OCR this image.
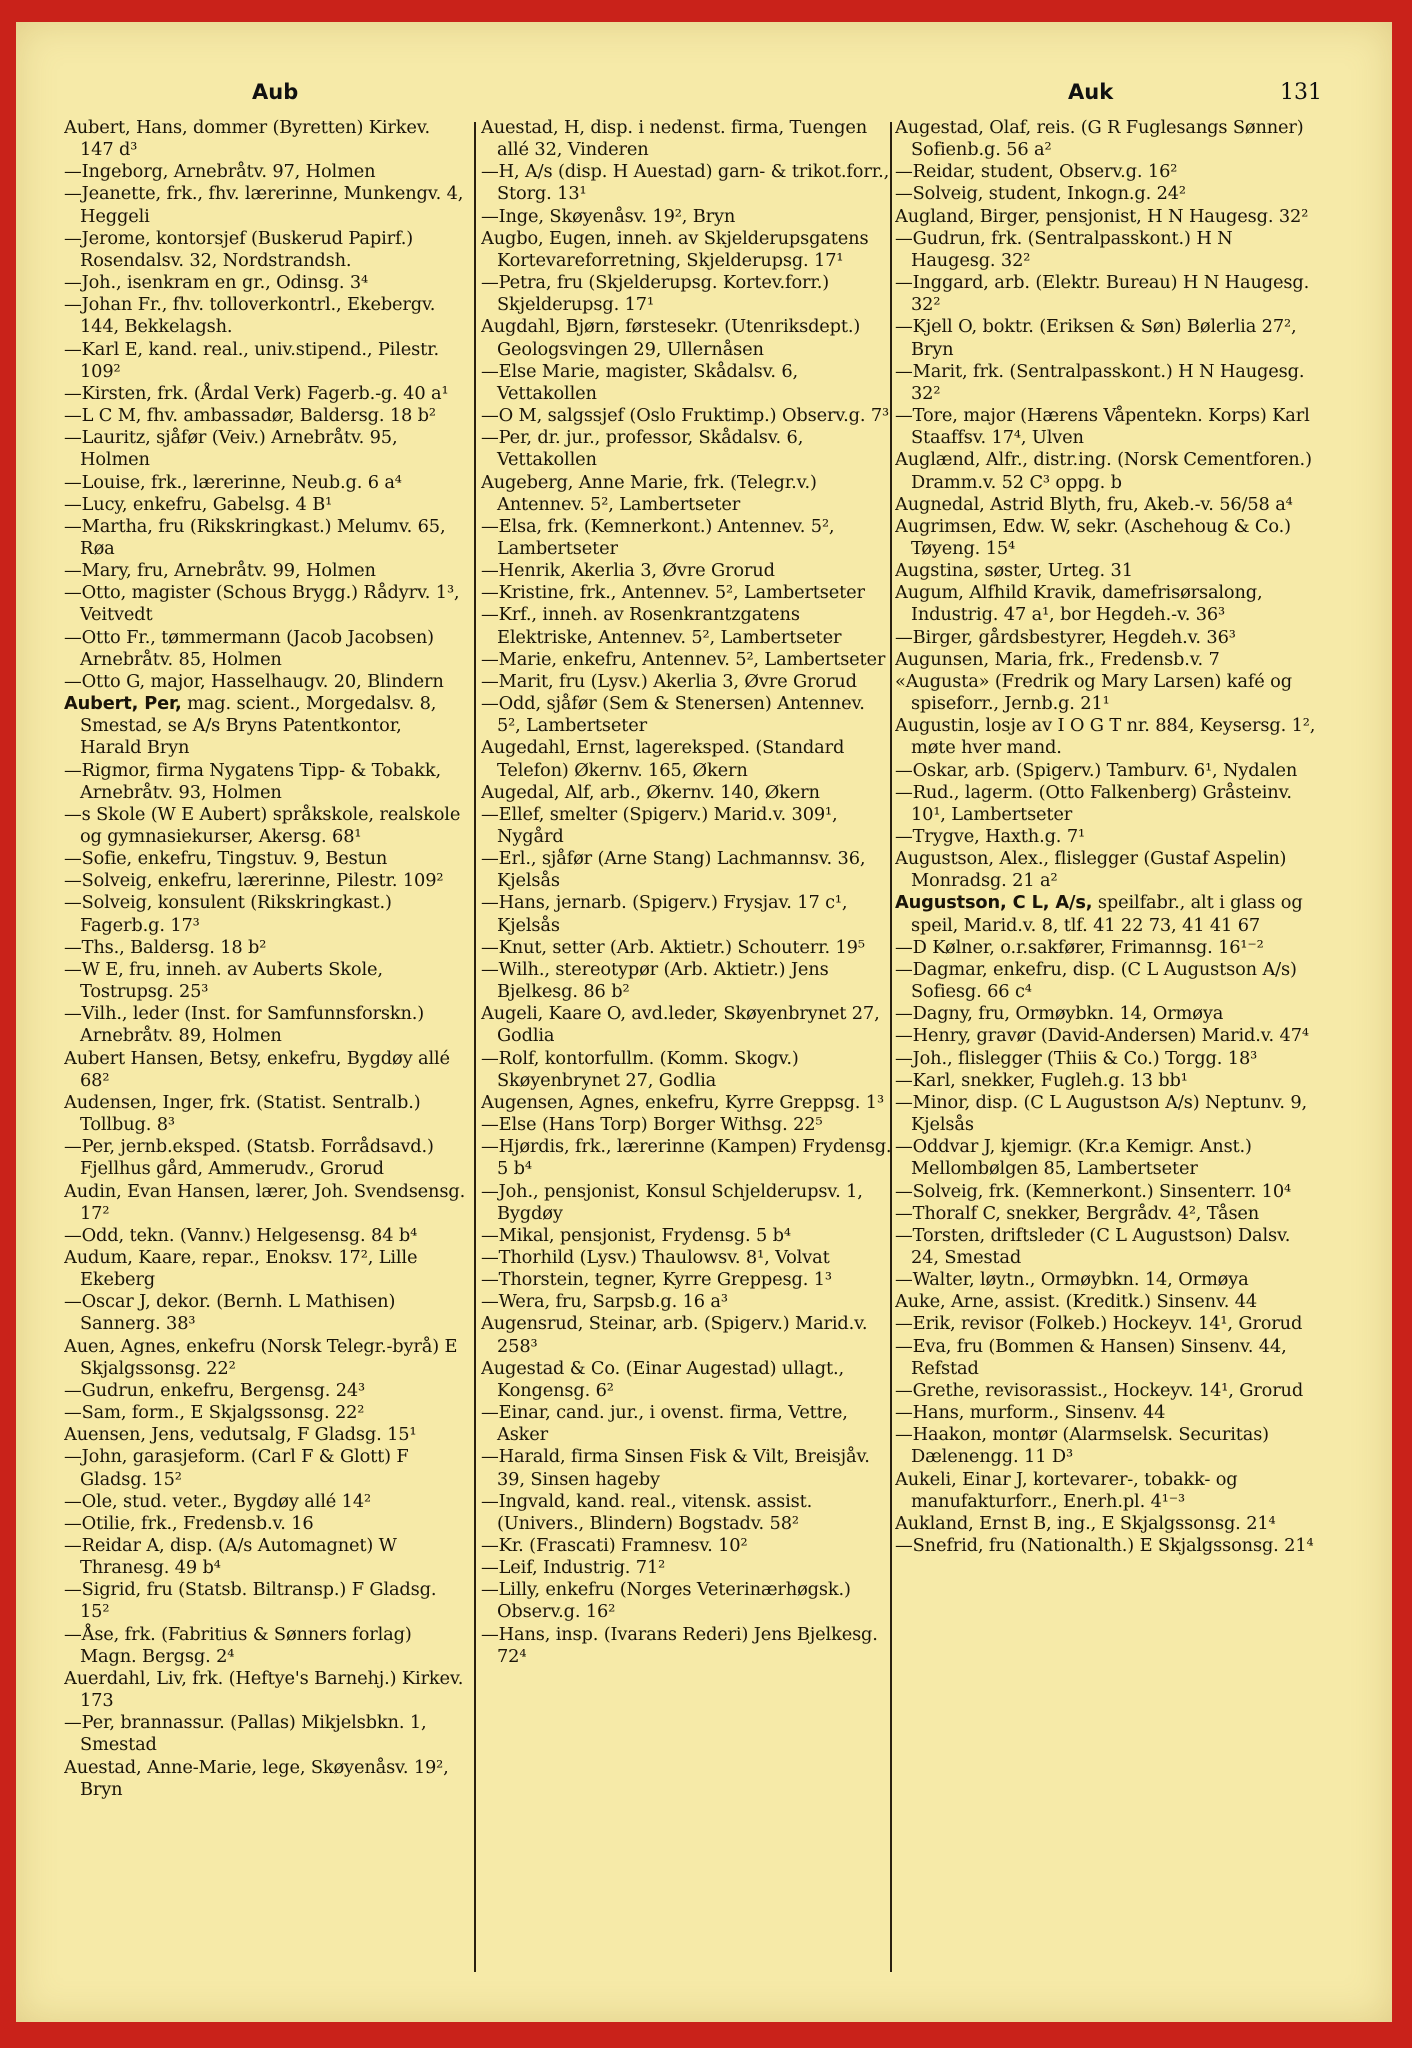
Aub	Auk	131

Aubert, Hans, dommer (Byretten) Kirkev. 147 d³

—Ingeborg, Arnebråtv. 97, Holmen

—Jeanette, frk., fhv. lærerinne, Munkengv. 4, Heggeli

—Jerome, kontorsjef (Buskerud Papirf.) Rosendalsv. 32, Nordstrandsh.

—Joh., isenkram en gr., Odinsg. 3⁴

—Johan Fr., fhv. tolloverkontrl., Ekebergv. 144, Bekkelagsh.

—Karl E, kand. real., univ.stipend., Pilestr. 109²

—Kirsten, frk. (Årdal Verk) Fagerb.-g. 40 a¹

—L C M, fhv. ambassadør, Baldersg. 18 b²

—Lauritz, sjåfør (Veiv.) Arnebråtv. 95, Holmen

—Louise, frk., lærerinne, Neub.g. 6 a⁴

—Lucy, enkefru, Gabelsg. 4 B¹

—Martha, fru (Rikskringkast.) Melumv. 65, Røa

—Mary, fru, Arnebråtv. 99, Holmen

—Otto, magister (Schous Brygg.) Rådyrv. 1³, Veitvedt

—Otto Fr., tømmermann (Jacob Jacobsen) Arnebråtv. 85, Holmen

—Otto G, major, Hasselhaugv. 20, Blindern

Aubert, Per, mag. scient., Morgedalsv. 8, Smestad, se A/s Bryns Patentkontor, Harald Bryn

—Rigmor, firma Nygatens Tipp- & Tobakk, Arnebråtv. 93, Holmen

—s Skole (W E Aubert) språkskole, realskole og gymnasiekurser, Akersg. 68¹

—Sofie, enkefru, Tingstuv. 9, Bestun

—Solveig, enkefru, lærerinne, Pilestr. 109²

—Solveig, konsulent (Rikskringkast.) Fagerb.g. 17³

—Ths., Baldersg. 18 b²

—W E, fru, inneh. av Auberts Skole, Tostrupsg. 25³

—Vilh., leder (Inst. for Samfunnsforskn.) Arnebråtv. 89, Holmen

Aubert Hansen, Betsy, enkefru, Bygdøy allé 68²

Audensen, Inger, frk. (Statist. Sentralb.) Tollbug. 8³

—Per, jernb.eksped. (Statsb. Forrådsavd.) Fjellhus gård, Ammerudv., Grorud

Audin, Evan Hansen, lærer, Joh. Svendsensg. 17²

—Odd, tekn. (Vannv.) Helgesensg. 84 b⁴

Audum, Kaare, repar., Enoksv. 17², Lille Ekeberg

—Oscar J, dekor. (Bernh. L Mathisen) Sannerg. 38³

Auen, Agnes, enkefru (Norsk Telegr.-byrå) E Skjalgssonsg. 22²

—Gudrun, enkefru, Bergensg. 24³

—Sam, form., E Skjalgssonsg. 22²

Auensen, Jens, vedutsalg, F Gladsg. 15¹

—John, garasjeform. (Carl F & Glott) F Gladsg. 15²

—Ole, stud. veter., Bygdøy allé 14²

—Otilie, frk., Fredensb.v. 16

—Reidar A, disp. (A/s Automagnet) W Thranesg. 49 b⁴

—Sigrid, fru (Statsb. Biltransp.) F Gladsg. 15²

—Åse, frk. (Fabritius & Sønners forlag) Magn. Bergsg. 2⁴

Auerdahl, Liv, frk. (Heftye's Barnehj.) Kirkev. 173

—Per, brannassur. (Pallas) Mikjelsbkn. 1, Smestad

Auestad, Anne-Marie, lege, Skøyenåsv. 19², Bryn

Auestad, H, disp. i nedenst. firma, Tuengen allé 32, Vinderen

—H, A/s (disp. H Auestad) garn- & trikot.forr., Storg. 13¹

—Inge, Skøyenåsv. 19², Bryn

Augbo, Eugen, inneh. av Skjelderupsgatens Kortevareforretning, Skjelderupsg. 17¹

—Petra, fru (Skjelderupsg. Kortev.forr.) Skjelderupsg. 17¹

Augdahl, Bjørn, førstesekr. (Utenriksdept.) Geologsvingen 29, Ullernåsen

—Else Marie, magister, Skådalsv. 6, Vettakollen

—O M, salgssjef (Oslo Fruktimp.) Observ.g. 7³

—Per, dr. jur., professor, Skådalsv. 6, Vettakollen

Augeberg, Anne Marie, frk. (Telegr.v.) Antennev. 5², Lambertseter

—Elsa, frk. (Kemnerkont.) Antennev. 5², Lambertseter

—Henrik, Akerlia 3, Øvre Grorud

—Kristine, frk., Antennev. 5², Lambertseter

—Krf., inneh. av Rosenkrantzgatens Elektriske, Antennev. 5², Lambertseter

—Marie, enkefru, Antennev. 5², Lambertseter

—Marit, fru (Lysv.) Akerlia 3, Øvre Grorud

—Odd, sjåfør (Sem & Stenersen) Antennev. 5², Lambertseter

Augedahl, Ernst, lagereksped. (Standard Telefon) Økernv. 165, Økern

Augedal, Alf, arb., Økernv. 140, Økern

—Ellef, smelter (Spigerv.) Marid.v. 309¹, Nygård

—Erl., sjåfør (Arne Stang) Lachmannsv. 36, Kjelsås

—Hans, jernarb. (Spigerv.) Frysjav. 17 c¹, Kjelsås

—Knut, setter (Arb. Aktietr.) Schouterr. 19⁵

—Wilh., stereotypør (Arb. Aktietr.) Jens Bjelkesg. 86 b²

Augeli, Kaare O, avd.leder, Skøyenbrynet 27, Godlia

—Rolf, kontorfullm. (Komm. Skogv.) Skøyenbrynet 27, Godlia

Augensen, Agnes, enkefru, Kyrre Greppsg. 1³

—Else (Hans Torp) Borger Withsg. 22⁵

—Hjørdis, frk., lærerinne (Kampen) Frydensg. 5 b⁴

—Joh., pensjonist, Konsul Schjelderupsv. 1, Bygdøy

—Mikal, pensjonist, Frydensg. 5 b⁴

—Thorhild (Lysv.) Thaulowsv. 8¹, Volvat

—Thorstein, tegner, Kyrre Greppesg. 1³

—Wera, fru, Sarpsb.g. 16 a³

Augensrud, Steinar, arb. (Spigerv.) Marid.v. 258³

Augestad & Co. (Einar Augestad) ullagt., Kongensg. 6²

—Einar, cand. jur., i ovenst. firma, Vettre, Asker

—Harald, firma Sinsen Fisk & Vilt, Breisjåv. 39, Sinsen hageby

—Ingvald, kand. real., vitensk. assist. (Univers., Blindern) Bogstadv. 58²

—Kr. (Frascati) Framnesv. 10²

—Leif, Industrig. 71²

—Lilly, enkefru (Norges Veterinærhøgsk.) Observ.g. 16²

—Hans, insp. (Ivarans Rederi) Jens Bjelkesg. 72⁴

Augestad, Olaf, reis. (G R Fuglesangs Sønner) Sofienb.g. 56 a²

—Reidar, student, Observ.g. 16²

—Solveig, student, Inkogn.g. 24²

Augland, Birger, pensjonist, H N Haugesg. 32²

—Gudrun, frk. (Sentralpasskont.) H N Haugesg. 32²

—Inggard, arb. (Elektr. Bureau) H N Haugesg. 32²

—Kjell O, boktr. (Eriksen & Søn) Bølerlia 27², Bryn

—Marit, frk. (Sentralpasskont.) H N Haugesg. 32²

—Tore, major (Hærens Våpentekn. Korps) Karl Staaffsv. 17⁴, Ulven

Auglænd, Alfr., distr.ing. (Norsk Cementforen.) Dramm.v. 52 C³ oppg. b

Augnedal, Astrid Blyth, fru, Akeb.-v. 56/58 a⁴

Augrimsen, Edw. W, sekr. (Aschehoug & Co.) Tøyeng. 15⁴

Augstina, søster, Urteg. 31

Augum, Alfhild Kravik, damefrisørsalong, Industrig. 47 a¹, bor Hegdeh.-v. 36³

—Birger, gårdsbestyrer, Hegdeh.v. 36³

Augunsen, Maria, frk., Fredensb.v. 7

«Augusta» (Fredrik og Mary Larsen) kafé og spiseforr., Jernb.g. 21¹

Augustin, losje av I O G T nr. 884, Keysersg. 1², møte hver mand.

—Oskar, arb. (Spigerv.) Tamburv. 6¹, Nydalen

—Rud., lagerm. (Otto Falkenberg) Gråsteinv. 10¹, Lambertseter

—Trygve, Haxth.g. 7¹

Augustson, Alex., flislegger (Gustaf Aspelin) Monradsg. 21 a²

Augustson, C L, A/s, speilfabr., alt i glass og speil, Marid.v. 8, tlf. 41 22 73, 41 41 67

—D Kølner, o.r.sakfører, Frimannsg. 16¹⁻²

—Dagmar, enkefru, disp. (C L Augustson A/s) Sofiesg. 66 c⁴

—Dagny, fru, Ormøybkn. 14, Ormøya

—Henry, gravør (David-Andersen) Marid.v. 47⁴

—Joh., flislegger (Thiis & Co.) Torgg. 18³

—Karl, snekker, Fugleh.g. 13 bb¹

—Minor, disp. (C L Augustson A/s) Neptunv. 9, Kjelsås

—Oddvar J, kjemigr. (Kr.a Kemigr. Anst.) Mellombølgen 85, Lambertseter

—Solveig, frk. (Kemnerkont.) Sinsenterr. 10⁴

—Thoralf C, snekker, Bergrådv. 4², Tåsen

—Torsten, driftsleder (C L Augustson) Dalsv. 24, Smestad

—Walter, løytn., Ormøybkn. 14, Ormøya

Auke, Arne, assist. (Kreditk.) Sinsenv. 44

—Erik, revisor (Folkeb.) Hockeyv. 14¹, Grorud

—Eva, fru (Bommen & Hansen) Sinsenv. 44, Refstad

—Grethe, revisorassist., Hockeyv. 14¹, Grorud

—Hans, murform., Sinsenv. 44

—Haakon, montør (Alarmselsk. Securitas) Dælenengg. 11 D³

Aukeli, Einar J, kortevarer-, tobakk- og manufakturforr., Enerh.pl. 4¹⁻³

Aukland, Ernst B, ing., E Skjalgssonsg. 21⁴

—Snefrid, fru (Nationalth.) E Skjalgssonsg. 21⁴
